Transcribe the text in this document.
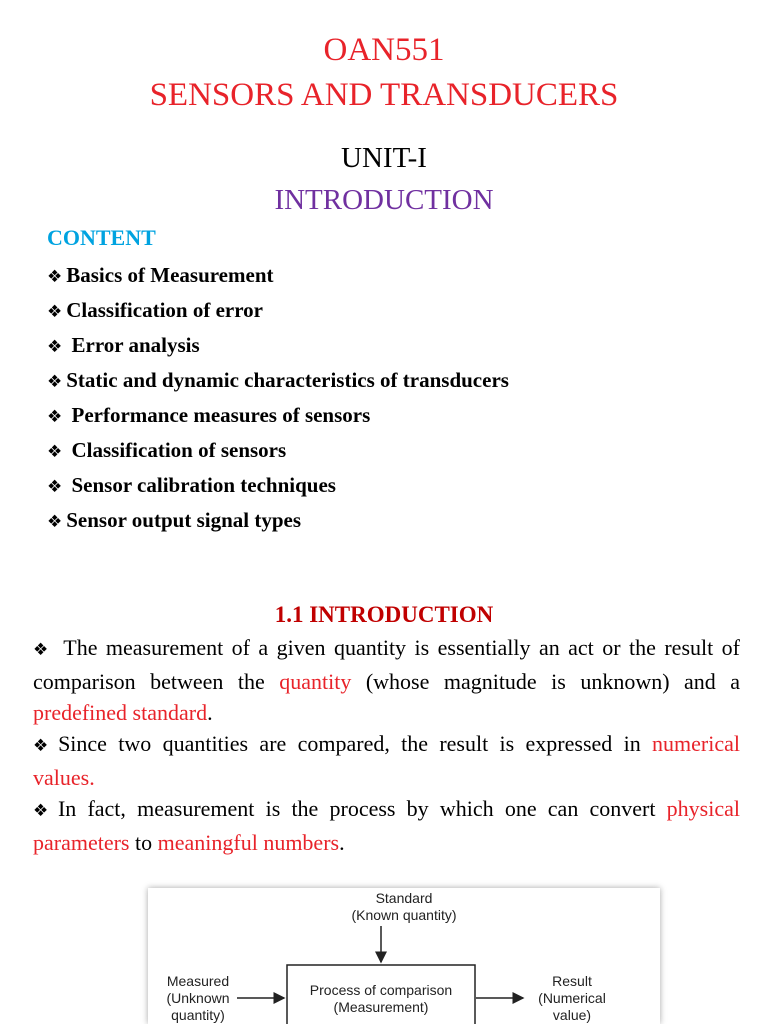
OAN551
SENSORS AND TRANSDUCERS
UNIT-I
INTRODUCTION
CONTENT
❖ Basics of Measurement
❖ Classification of error
❖ Error analysis
❖ Static and dynamic characteristics of transducers
❖ Performance measures of sensors
❖ Classification of sensors
❖ Sensor calibration techniques
❖ Sensor output signal types
1.1 INTRODUCTION

❖ The measurement of a given quantity is essentially an act or the result of comparison between the quantity (whose magnitude is unknown) and a predefined standard.

❖ Since two quantities are compared, the result is expressed in numerical values.

❖ In fact, measurement is the process by which one can convert physical parameters to meaningful numbers.

Standard
(Known quantity)
Measured
(Unknown
quantity)
Process of comparison
(Measurement)
Result
(Numerical
value)
